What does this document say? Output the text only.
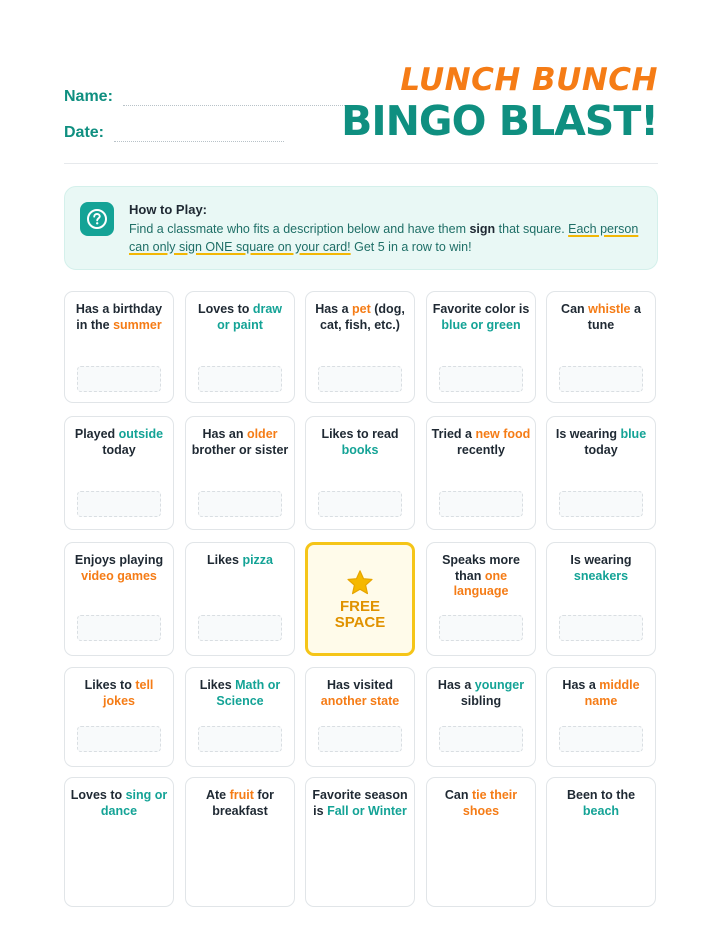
Name:
Date:
LUNCH BUNCH
BINGO BLAST!
How to Play:
Find a classmate who fits a description below and have them sign that square. Each person can only sign ONE square on your card! Get 5 in a row to win!
Has a birthday in the summer
Loves to draw or paint
Has a pet (dog, cat, fish, etc.)
Favorite color is blue or green
Can whistle a tune
Played outside today
Has an older brother or sister
Likes to read books
Tried a new food recently
Is wearing blue today
Enjoys playing video games
Likes pizza
FREE
SPACE
Speaks more than one language
Is wearing sneakers
Likes to tell jokes
Likes Math or Science
Has visited another state
Has a younger sibling
Has a middle name
Loves to sing or dance
Ate fruit for breakfast
Favorite season is Fall or Winter
Can tie their shoes
Been to the beach
